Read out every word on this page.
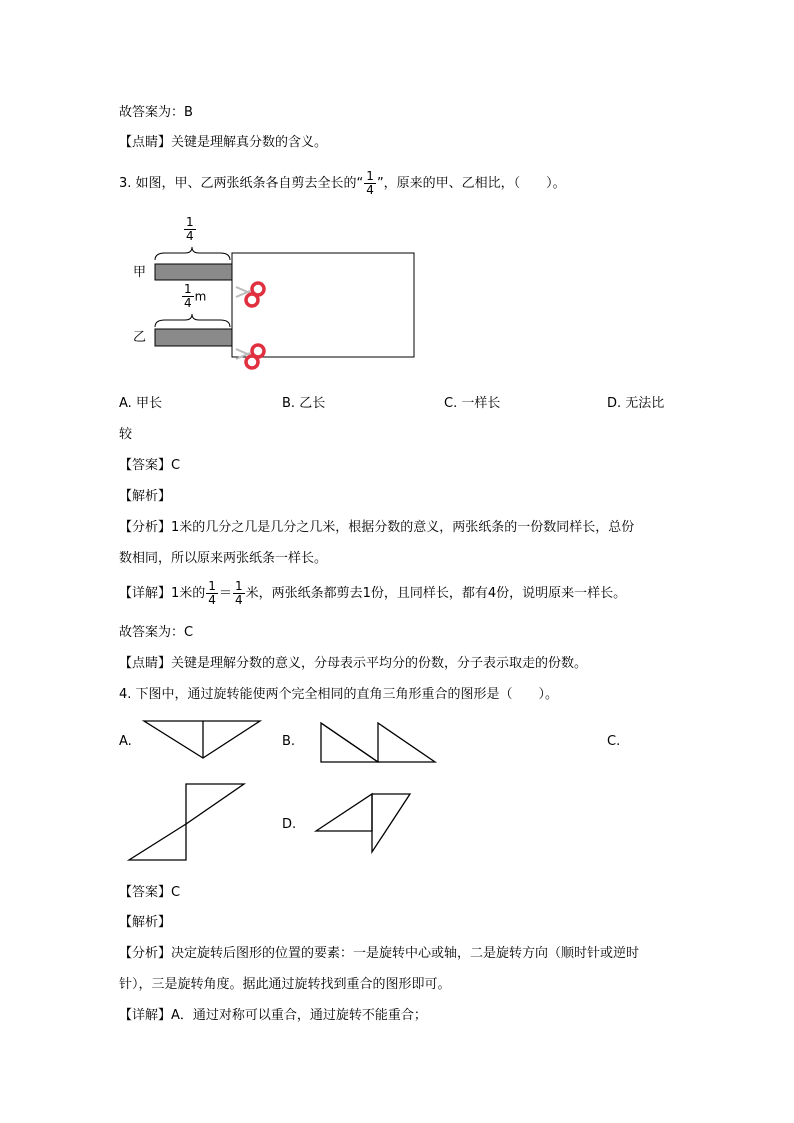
故答案为：B
【点睛】关键是理解真分数的含义。
3. 如图，甲、乙两张纸条各自剪去全长的“ $\frac{1}{4}$ ”，原来的甲、乙相比，（　　）。
$\frac{1}{4}$
甲
$\frac{1}{4}$ m
乙
A. 甲长	B. 乙长	C. 一样长	D. 无法比
较
【答案】C
【解析】
【分析】1米的几分之几是几分之几米，根据分数的意义，两张纸条的一份数同样长，总份
数相同，所以原来两张纸条一样长。
【详解】1米的 $\frac{1}{4} = \frac{1}{4}$ 米，两张纸条都剪去1份，且同样长，都有4份，说明原来一样长。
故答案为：C
【点睛】关键是理解分数的意义，分母表示平均分的份数，分子表示取走的份数。
4. 下图中，通过旋转能使两个完全相同的直角三角形重合的图形是（　　）。
A.	B.	C.
D.
【答案】C
【解析】
【分析】决定旋转后图形的位置的要素：一是旋转中心或轴，二是旋转方向（顺时针或逆时
针），三是旋转角度。据此通过旋转找到重合的图形即可。
【详解】A．通过对称可以重合，通过旋转不能重合；
